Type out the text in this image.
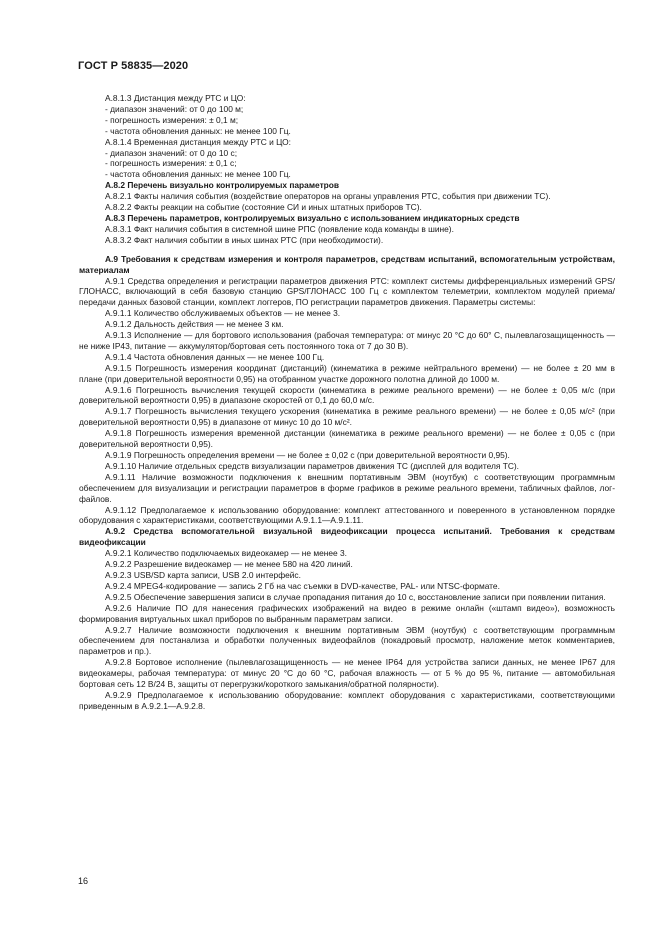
ГОСТ Р 58835—2020

А.8.1.3 Дистанция между РТС и ЦО:

- диапазон значений: от 0 до 100 м;

- погрешность измерения: ± 0,1 м;

- частота обновления данных: не менее 100 Гц.

А.8.1.4 Временная дистанция между РТС и ЦО:

- диапазон значений: от 0 до 10 с;

- погрешность измерения: ± 0,1 с;

- частота обновления данных: не менее 100 Гц.

А.8.2 Перечень визуально контролируемых параметров

А.8.2.1 Факты наличия события (воздействие операторов на органы управления РТС, события при движении ТС).

А.8.2.2 Факты реакции на событие (состояние СИ и иных штатных приборов ТС).

А.8.3 Перечень параметров, контролируемых визуально с использованием индикаторных средств

А.8.3.1 Факт наличия события в системной шине РПС (появление кода команды в шине).

А.8.3.2 Факт наличия событии в иных шинах РТС (при необходимости).

А.9 Требования к средствам измерения и контроля параметров, средствам испытаний, вспомогательным устройствам, материалам

А.9.1 Средства определения и регистрации параметров движения РТС: комплект системы дифференциальных измерений GPS/ГЛОНАСС, включающий в себя базовую станцию GPS/ГЛОНАСС 100 Гц с комплектом телеметрии, комплектом модулей приема/передачи данных базовой станции, комплект логгеров, ПО регистрации параметров движения. Параметры системы:

А.9.1.1 Количество обслуживаемых объектов — не менее 3.

А.9.1.2 Дальность действия — не менее 3 км.

А.9.1.3 Исполнение — для бортового использования (рабочая температура: от минус 20 °С до 60° С, пылевлагозащищенность — не ниже IP43, питание — аккумулятор/бортовая сеть постоянного тока от 7 до 30 В).

А.9.1.4 Частота обновления данных — не менее 100 Гц.

А.9.1.5 Погрешность измерения координат (дистанций) (кинематика в режиме нейтрального времени) — не более ± 20 мм в плане (при доверительной вероятности 0,95) на отобранном участке дорожного полотна длиной до 1000 м.

А.9.1.6 Погрешность вычисления текущей скорости (кинематика в режиме реального времени) — не более ± 0,05 м/с (при доверительной вероятности 0,95) в диапазоне скоростей от 0,1 до 60,0 м/с.

А.9.1.7 Погрешность вычисления текущего ускорения (кинематика в режиме реального времени) — не более ± 0,05 м/с² (при доверительной вероятности 0,95) в диапазоне от минус 10 до 10 м/с².

А.9.1.8 Погрешность измерения временной дистанции (кинематика в режиме реального времени) — не более ± 0,05 с (при доверительной вероятности 0,95).

А.9.1.9 Погрешность определения времени — не более ± 0,02 с (при доверительной вероятности 0,95).

А.9.1.10 Наличие отдельных средств визуализации параметров движения ТС (дисплей для водителя ТС).

А.9.1.11 Наличие возможности подключения к внешним портативным ЭВМ (ноутбук) с соответствующим программным обеспечением для визуализации и регистрации параметров в форме графиков в режиме реального времени, табличных файлов, лог-файлов.

А.9.1.12 Предполагаемое к использованию оборудование: комплект аттестованного и поверенного в установленном порядке оборудования с характеристиками, соответствующими А.9.1.1—А.9.1.11.

А.9.2 Средства вспомогательной визуальной видеофиксации процесса испытаний. Требования к средствам видеофиксации

А.9.2.1 Количество подключаемых видеокамер — не менее 3.

А.9.2.2 Разрешение видеокамер — не менее 580 на 420 линий.

А.9.2.3 USB/SD карта записи, USB 2.0 интерфейс.

А.9.2.4 MPEG4-кодирование — запись 2 Гб на час съемки в DVD-качестве, PAL- или NTSC-формате.

А.9.2.5 Обеспечение завершения записи в случае пропадания питания до 10 с, восстановление записи при появлении питания.

А.9.2.6 Наличие ПО для нанесения графических изображений на видео в режиме онлайн («штамп видео»), возможность формирования виртуальных шкал приборов по выбранным параметрам записи.

А.9.2.7 Наличие возможности подключения к внешним портативным ЭВМ (ноутбук) с соответствующим программным обеспечением для постанализа и обработки полученных видеофайлов (покадровый просмотр, наложение меток комментариев, параметров и пр.).

А.9.2.8 Бортовое исполнение (пылевлагозащищенность — не менее IP64 для устройства записи данных, не менее IP67 для видеокамеры, рабочая температура: от минус 20 °С до 60 °С, рабочая влажность — от 5 % до 95 %, питание — автомобильная бортовая сеть 12 В/24 В, защиты от перегрузки/короткого замыкания/обратной полярности).

А.9.2.9 Предполагаемое к использованию оборудование: комплект оборудования с характеристиками, соответствующими приведенным в А.9.2.1—А.9.2.8.

16
